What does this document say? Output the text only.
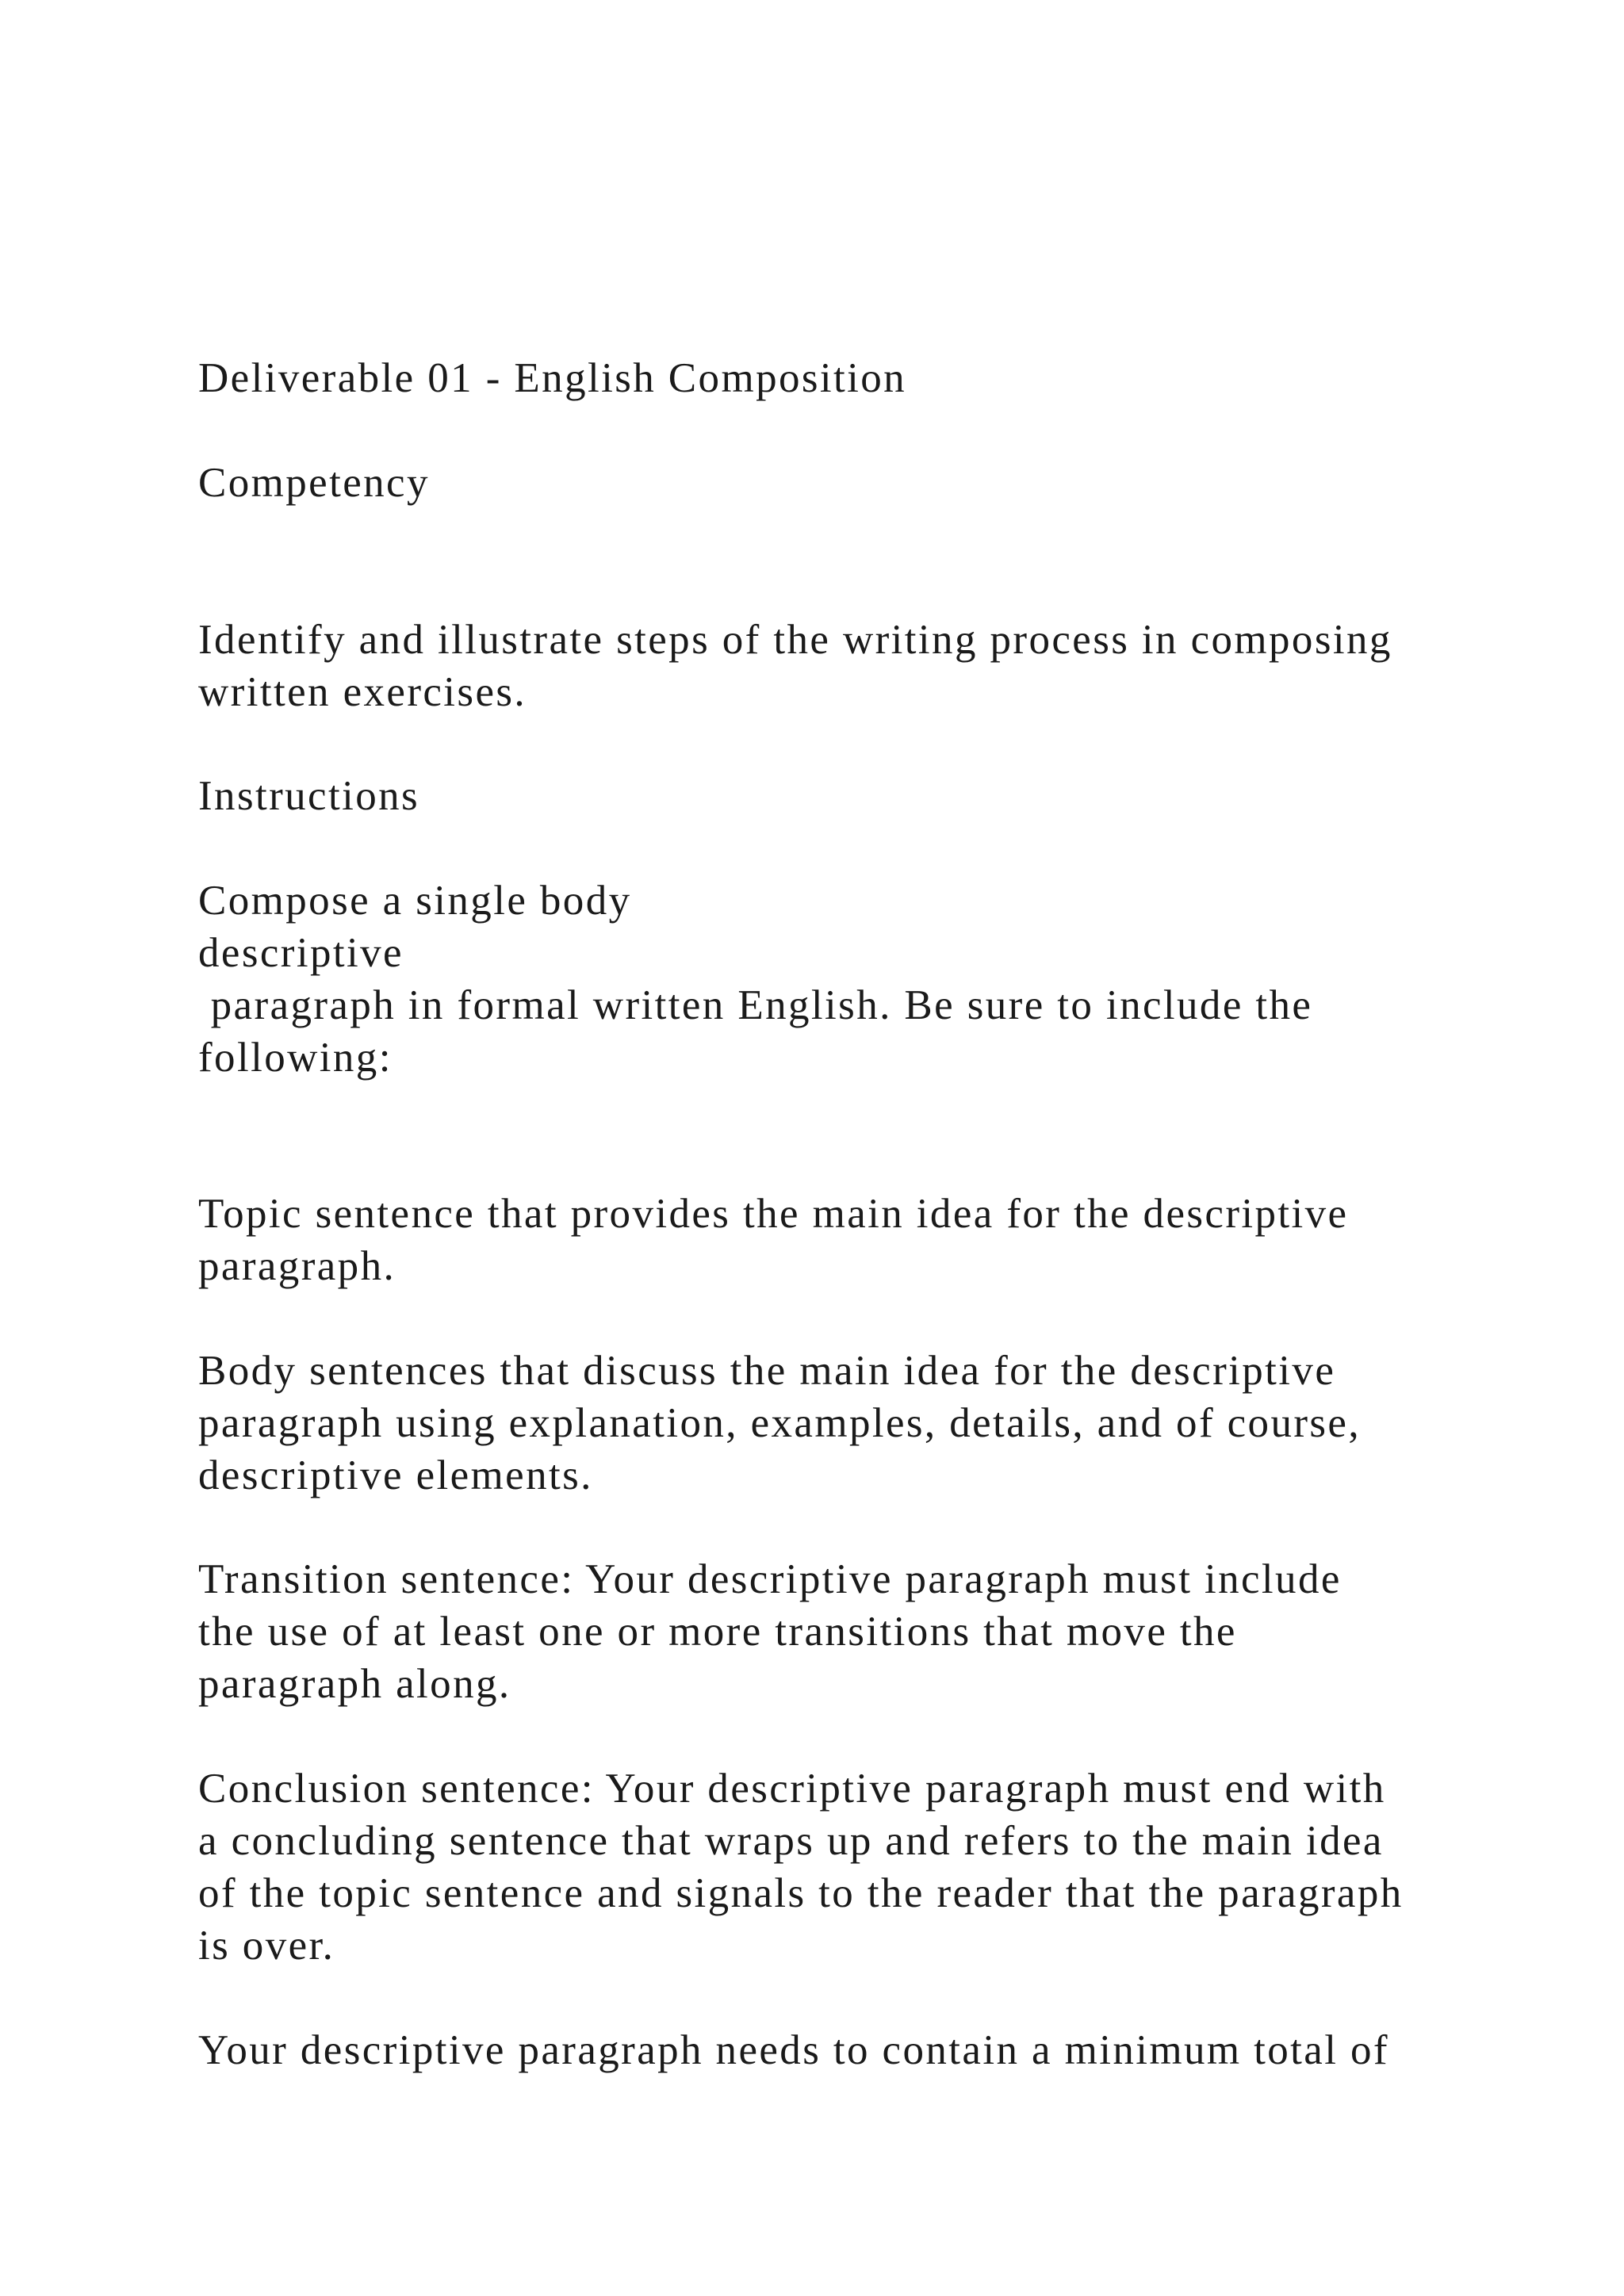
Deliverable 01 - English Composition

Competency

Identify and illustrate steps of the writing process in composing

written exercises.

Instructions

Compose a single body

descriptive

paragraph in formal written English. Be sure to include the

following:

Topic sentence that provides the main idea for the descriptive

paragraph.

Body sentences that discuss the main idea for the descriptive

paragraph using explanation, examples, details, and of course,

descriptive elements.

Transition sentence: Your descriptive paragraph must include

the use of at least one or more transitions that move the

paragraph along.

Conclusion sentence: Your descriptive paragraph must end with

a concluding sentence that wraps up and refers to the main idea

of the topic sentence and signals to the reader that the paragraph

is over.

Your descriptive paragraph needs to contain a minimum total of
